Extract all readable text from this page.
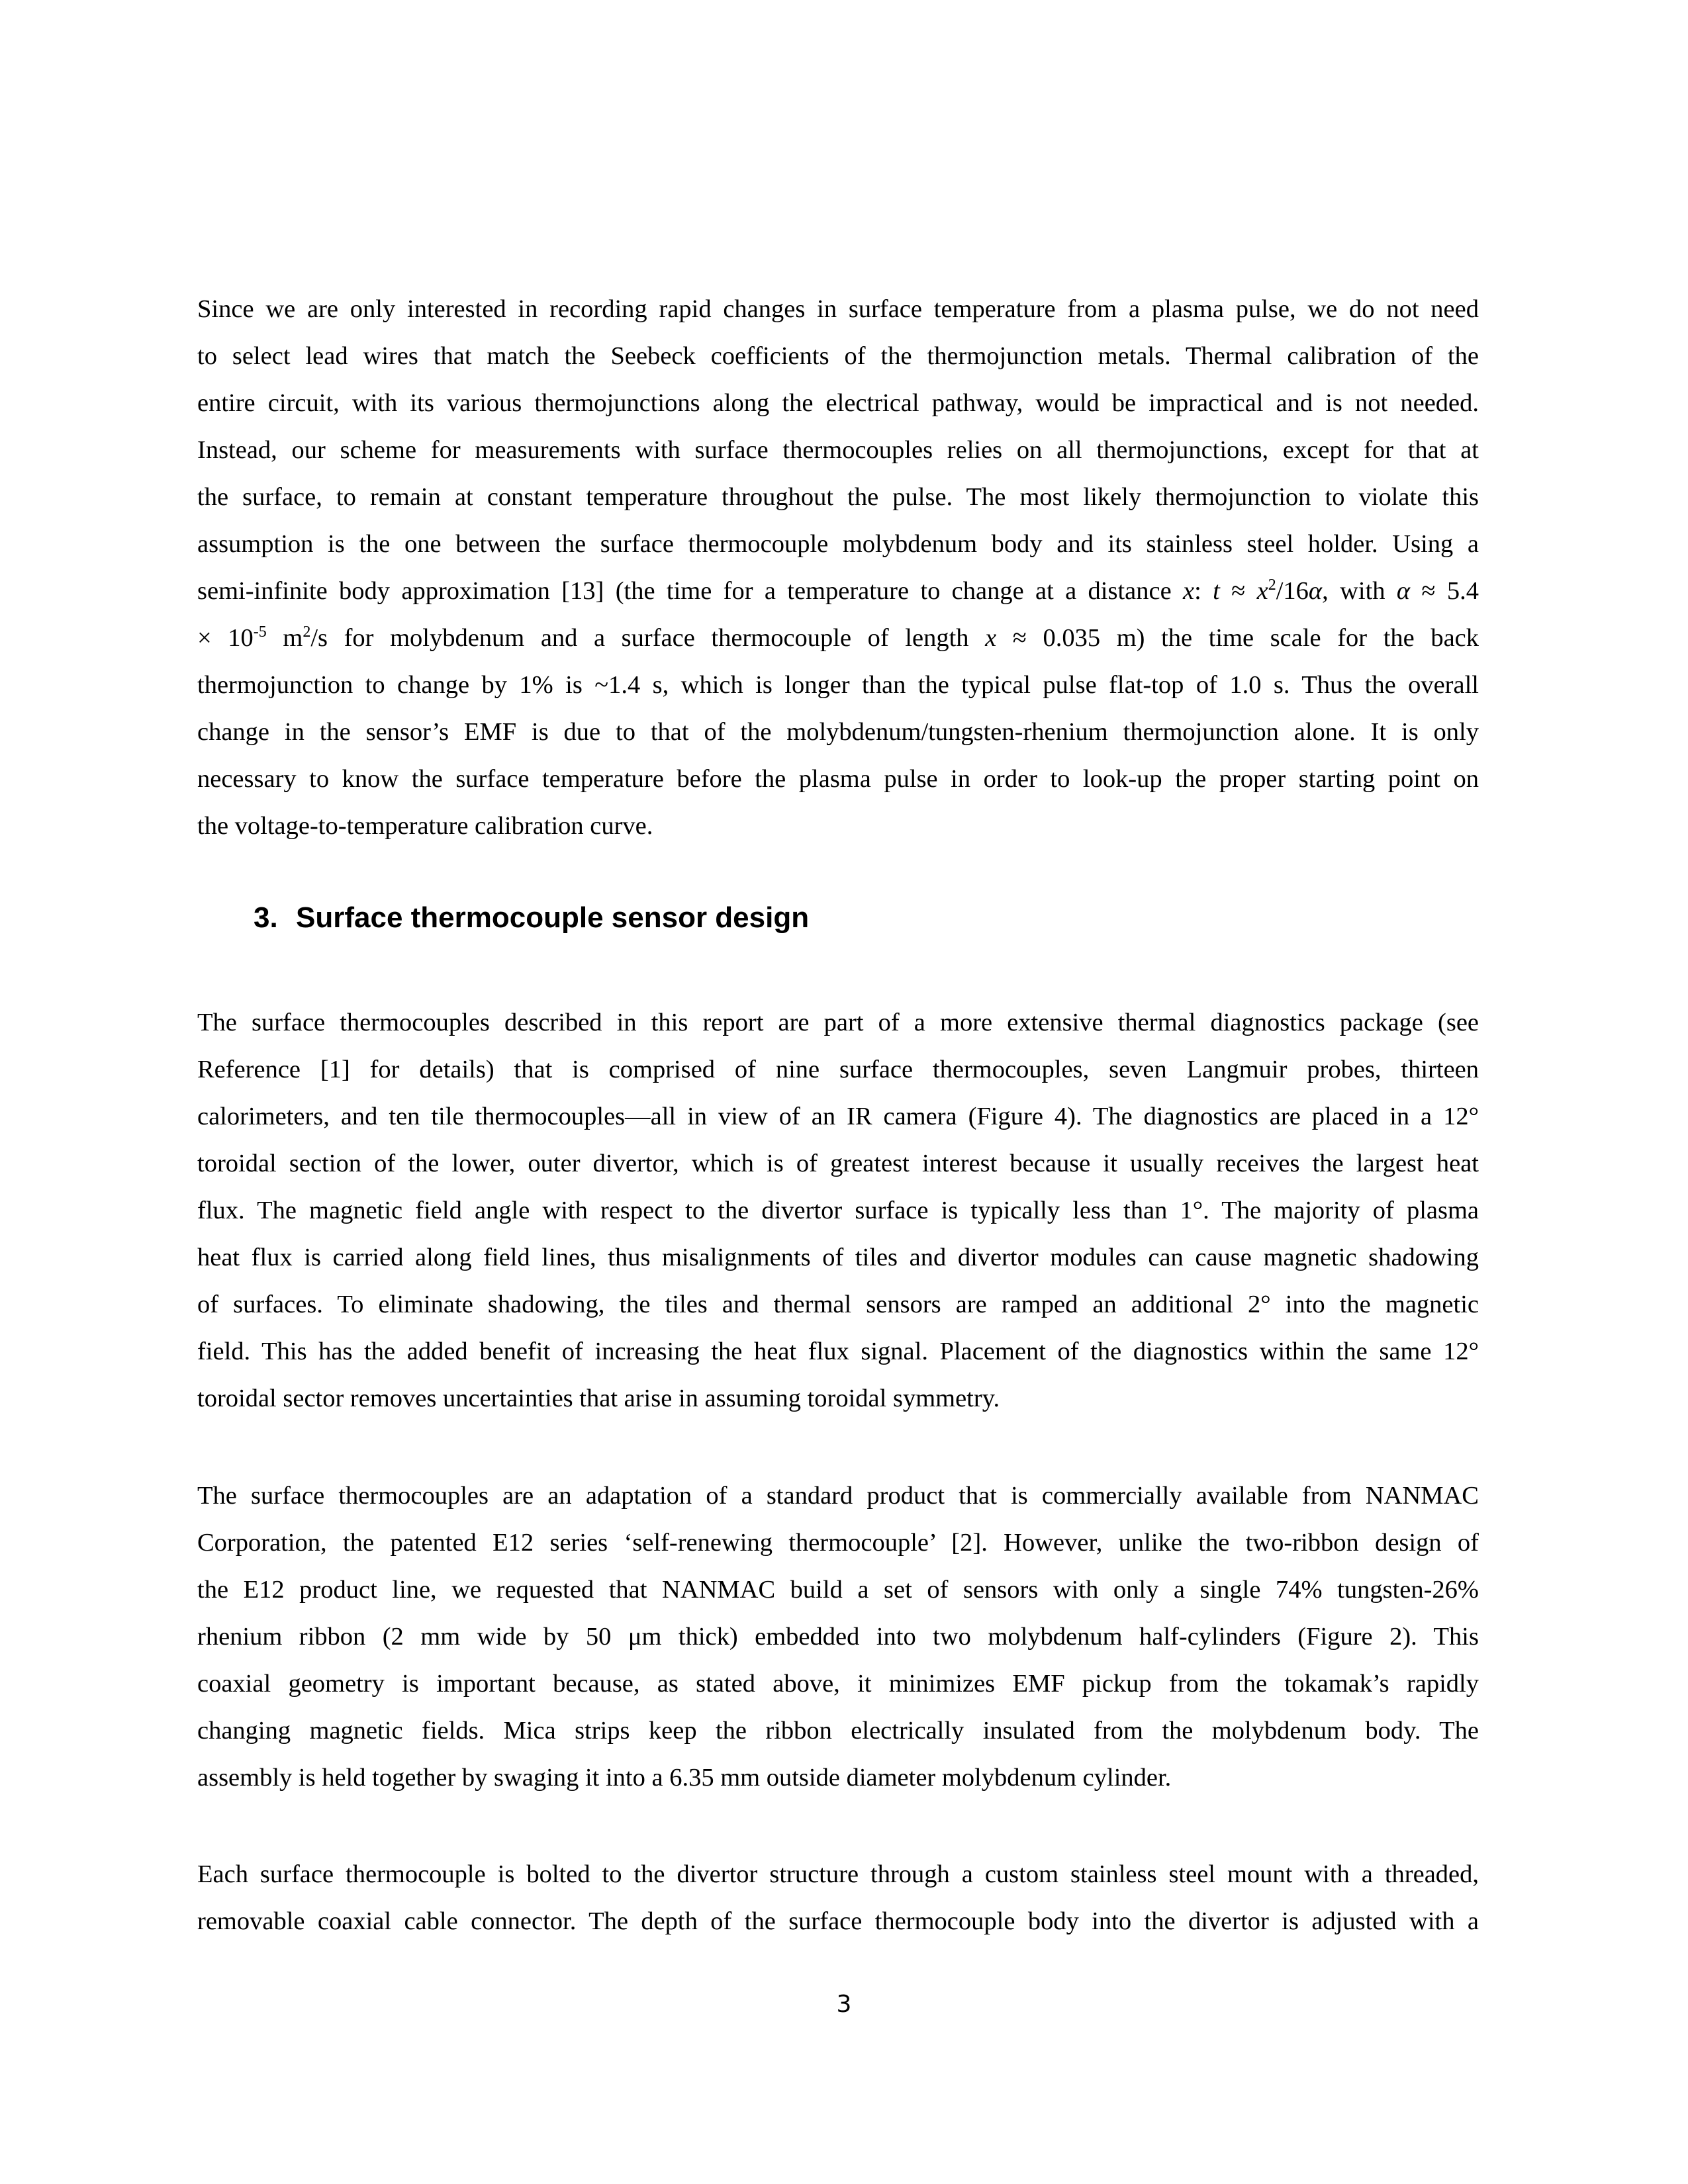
Since we are only interested in recording rapid changes in surface temperature from a plasma pulse, we do not need
to select lead wires that match the Seebeck coefficients of the thermojunction metals. Thermal calibration of the
entire circuit, with its various thermojunctions along the electrical pathway, would be impractical and is not needed.
Instead, our scheme for measurements with surface thermocouples relies on all thermojunctions, except for that at
the surface, to remain at constant temperature throughout the pulse. The most likely thermojunction to violate this
assumption is the one between the surface thermocouple molybdenum body and its stainless steel holder. Using a
semi-infinite body approximation [13] (the time for a temperature to change at a distance x: $t \approx x^2/16\alpha$, with α ≈ 5.4
× $10^{-5}$ $m^2/s$ for molybdenum and a surface thermocouple of length x ≈ 0.035 m) the time scale for the back
thermojunction to change by 1% is ~1.4 s, which is longer than the typical pulse flat-top of 1.0 s. Thus the overall
change in the sensor’s EMF is due to that of the molybdenum/tungsten-rhenium thermojunction alone. It is only
necessary to know the surface temperature before the plasma pulse in order to look-up the proper starting point on
the voltage-to-temperature calibration curve.
3. Surface thermocouple sensor design
The surface thermocouples described in this report are part of a more extensive thermal diagnostics package (see
Reference [1] for details) that is comprised of nine surface thermocouples, seven Langmuir probes, thirteen
calorimeters, and ten tile thermocouples—all in view of an IR camera (Figure 4). The diagnostics are placed in a 12°
toroidal section of the lower, outer divertor, which is of greatest interest because it usually receives the largest heat
flux. The magnetic field angle with respect to the divertor surface is typically less than 1°. The majority of plasma
heat flux is carried along field lines, thus misalignments of tiles and divertor modules can cause magnetic shadowing
of surfaces. To eliminate shadowing, the tiles and thermal sensors are ramped an additional 2° into the magnetic
field. This has the added benefit of increasing the heat flux signal. Placement of the diagnostics within the same 12°
toroidal sector removes uncertainties that arise in assuming toroidal symmetry.
The surface thermocouples are an adaptation of a standard product that is commercially available from NANMAC
Corporation, the patented E12 series ‘self-renewing thermocouple’ [2]. However, unlike the two-ribbon design of
the E12 product line, we requested that NANMAC build a set of sensors with only a single 74% tungsten-26%
rhenium ribbon (2 mm wide by 50 μm thick) embedded into two molybdenum half-cylinders (Figure 2). This
coaxial geometry is important because, as stated above, it minimizes EMF pickup from the tokamak’s rapidly
changing magnetic fields. Mica strips keep the ribbon electrically insulated from the molybdenum body. The
assembly is held together by swaging it into a 6.35 mm outside diameter molybdenum cylinder.
Each surface thermocouple is bolted to the divertor structure through a custom stainless steel mount with a threaded,
removable coaxial cable connector. The depth of the surface thermocouple body into the divertor is adjusted with a
3
